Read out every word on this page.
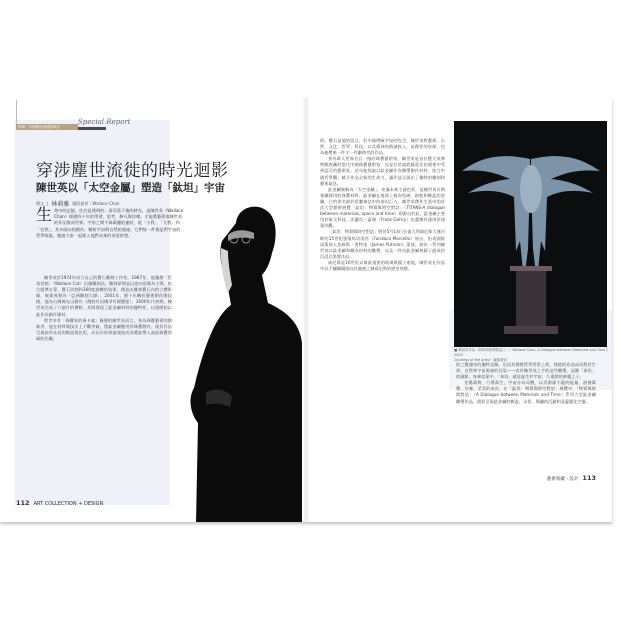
特稿｜穿涉塵世流徙的時光
Special Report
穿涉塵世流徙的時光迴影
陳世英以「太空金屬」塑造「鈦坦」宇宙
撰文 | 林莉雅 圖版提供｜Wallace Chan
生 命中的記憶，往往是透明的；看穿當下後的時光，是陳世英（Wallace Chan）經歷四十年的學習、思考、修凡與淬煉，才能將藝術家陳世英的作品推向世界。宇宙之間千絲萬縷的連結，從「小我」、「大我」到「宏我」，其多面向的創作，解析宇宙與自然的奧祕。它們每一件都是對宇宙的哲學探索，邀請大家一起進入他對未來的奇思妙想。

陳世英於1974年成立自己的寶石雕刻工作室。1987年，他獨創「世英切割」（Wallace Cut）幻像雕刻法，雕刻原理是以逆向思維為主導，結合精準計算，寶石切割和360度旋轉的技術，創造出雕刻寶石內的立體影像，被業界譽為「亞洲雕刻大師」。2001年，歷十年轉折藝術創作階段後，他為台灣佛光山創作（禮鼓有因佛淨有圓寶座）。2000年代初期，陳世英完成了六個月的禪修，其間發現了鈦金屬材料的獨特性，以後開始以鈦作為創作媒材。

對世享有「珠寶界的畢卡索」稱譽的陳世英而言，身為珠寶藝術的創新者，他在材料與技法上不斷突破，將鈦金屬應用於珠寶創作，使其作品呈現前所未見的輕盈與色彩，而長年的探索使他成為將鈦帶入高級珠寶領域的先驅。

112 ART COLLECTION + DESIGN

術。寶石是他的語言，但中國傳統宇宙的包含，陳世英對藝術、自然、文化、哲學、科技，以及精神的熱誠投入，是創作的泉源，也為他帶來一件又一件劃時代的作品。

身為華人世界名目一指的珠寶藝術家，陳世英是首位獲大英博物館收藏的當代中國珠寶藝術家，也是位於倫敦蘇富比拍賣會中受到認可的藝術家。近年他探索以鈦金屬作為雕塑創作材料，結合中國哲學觀，賦予作品全新的生命力，讓作品呈現出了獨特的雕刻和藝術氣息。

鈦金屬被稱為「太空金屬」，充滿未來主義色彩，是陳世英長期專屬使用的珠寶材料。鈦金屬在地球上極為堅硬，耐耗和輕盈的金屬。它的命名源於希臘神話中的泰坦巨人。陳世英創作生涯中的首次大型藝術展覽「鈦坦：物質與時空對話」（TITANS-A dialogue between materials, space and time）即源自於此，鈦金屬主要用於航太科技、法蘭克・蓋瑞（Frank Gehry）也選擇其運用於建築外觀。

「鈦坦：物質與時空對話」將於5月14日在義大利威尼斯大運河畔的15世紀建築馬切洛宮（Fondaco Marcello）展出，由英國資深策展人詹姆斯・普特南（James Putnam）策展。展出一系列陳世英以鈦金屬和藏為材料的雕塑，以及一件由鈦金屬和鏡子組成的沉浸式裝置作品。

威尼斯是16世紀以來最重要的玻璃與鏡子產地，陳世英在作品中以不鏽鋼鏡面向其靈感之城威尼斯的歷史致敬。

■ 陳世英作品《物質與時間對話之一》Wallace Chan, A Dialogue between Materials and Time I, 2020
Courtesy of the artist・圖像提供

的之雙連結的獨特見解，也因其佛教哲學背景之故，使他的作品成為對於生命，自然和宇宙奧祕的沉思——由於陳世英之手的這些雕塑，冠羅「泰坦」的細節，每神話案中，「泰坦」就是誕生於宇宙，久遠開的神靈之子。

宣揚萬物，行導萬生，宇宙亦為母體，以其源源不絕的能量，滋養萬寶，宣養，至美的成長。在「鈦坦：物質與時空對話」展覽中，「物質與時間對話」（A Dialogue between Materials and Time）系列大型鈦金屬雕塑作品，精彩呈現鈦金屬的輕盈、永恆、與鏽的沉澱和意蘊變化空靈。

藝術收藏・設計 113
